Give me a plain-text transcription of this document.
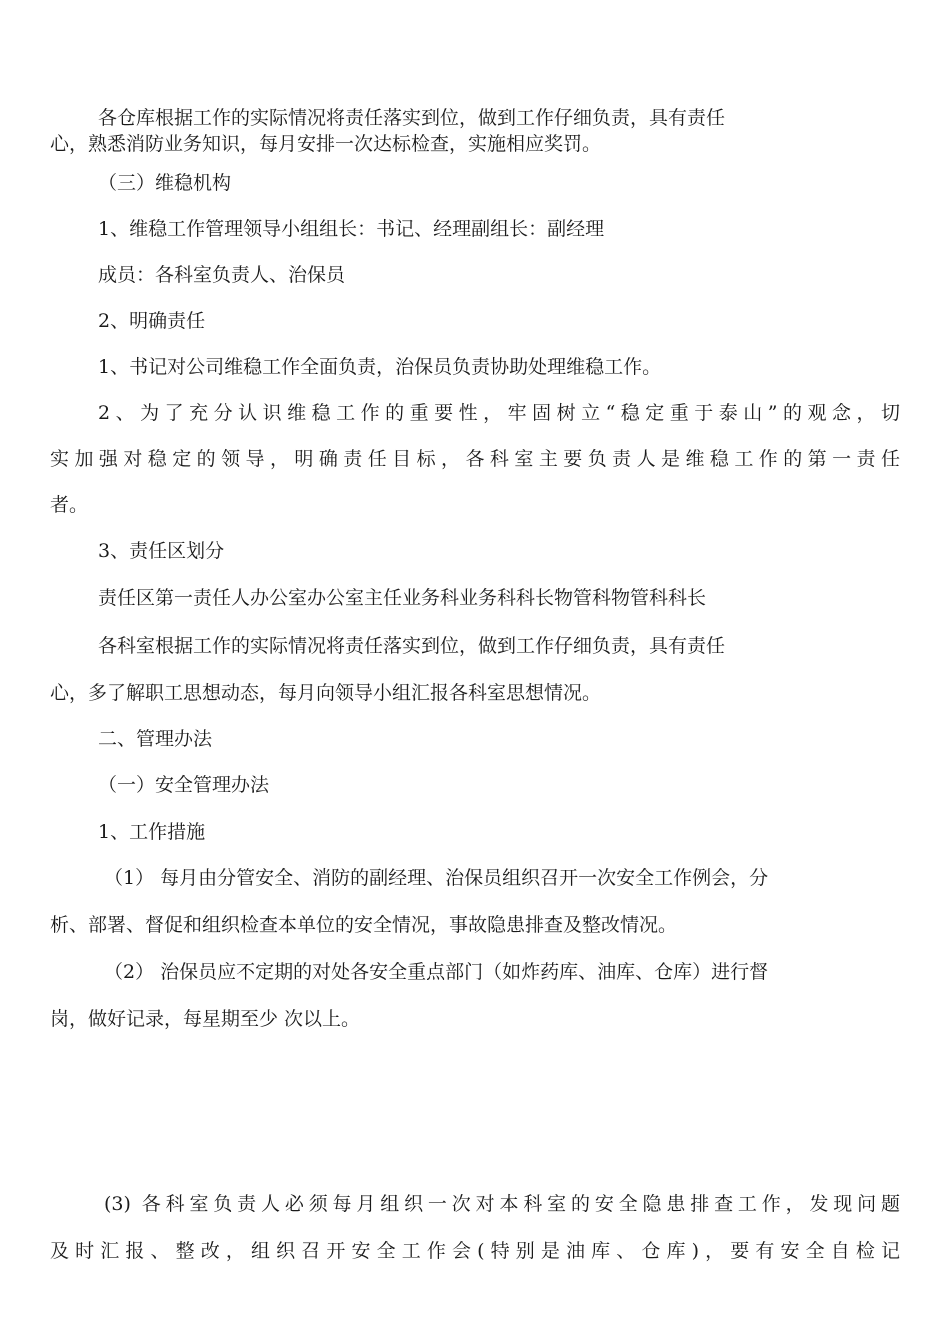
各仓库根据工作的实际情况将责任落实到位，做到工作仔细负责，具有责任
心，熟悉消防业务知识，每月安排一次达标检查，实施相应奖罚。
（三）维稳机构
1、维稳工作管理领导小组组长：书记、经理副组长：副经理
成员：各科室负责人、治保员
2、明确责任
1、书记对公司维稳工作全面负责，治保员负责协助处理维稳工作。
2、为了充分认识维稳工作的重要性，牢固树立“稳定重于泰山”的观念，切
实加强对稳定的领导，明确责任目标，各科室主要负责人是维稳工作的第一责任
者。
3、责任区划分
责任区第一责任人办公室办公室主任业务科业务科科长物管科物管科科长
各科室根据工作的实际情况将责任落实到位，做到工作仔细负责，具有责任
心，多了解职工思想动态，每月向领导小组汇报各科室思想情况。
二、管理办法
（一）安全管理办法
1、工作措施
（1） 每月由分管安全、消防的副经理、治保员组织召开一次安全工作例会，分
析、部署、督促和组织检查本单位的安全情况，事故隐患排查及整改情况。
（2） 治保员应不定期的对处各安全重点部门（如炸药库、油库、仓库）进行督
岗，做好记录，每星期至少 次以上。
(3) 各科室负责人必须每月组织一次对本科室的安全隐患排查工作，发现问题
及时汇报、整改，组织召开安全工作会(特别是油库、仓库)，要有安全自检记
